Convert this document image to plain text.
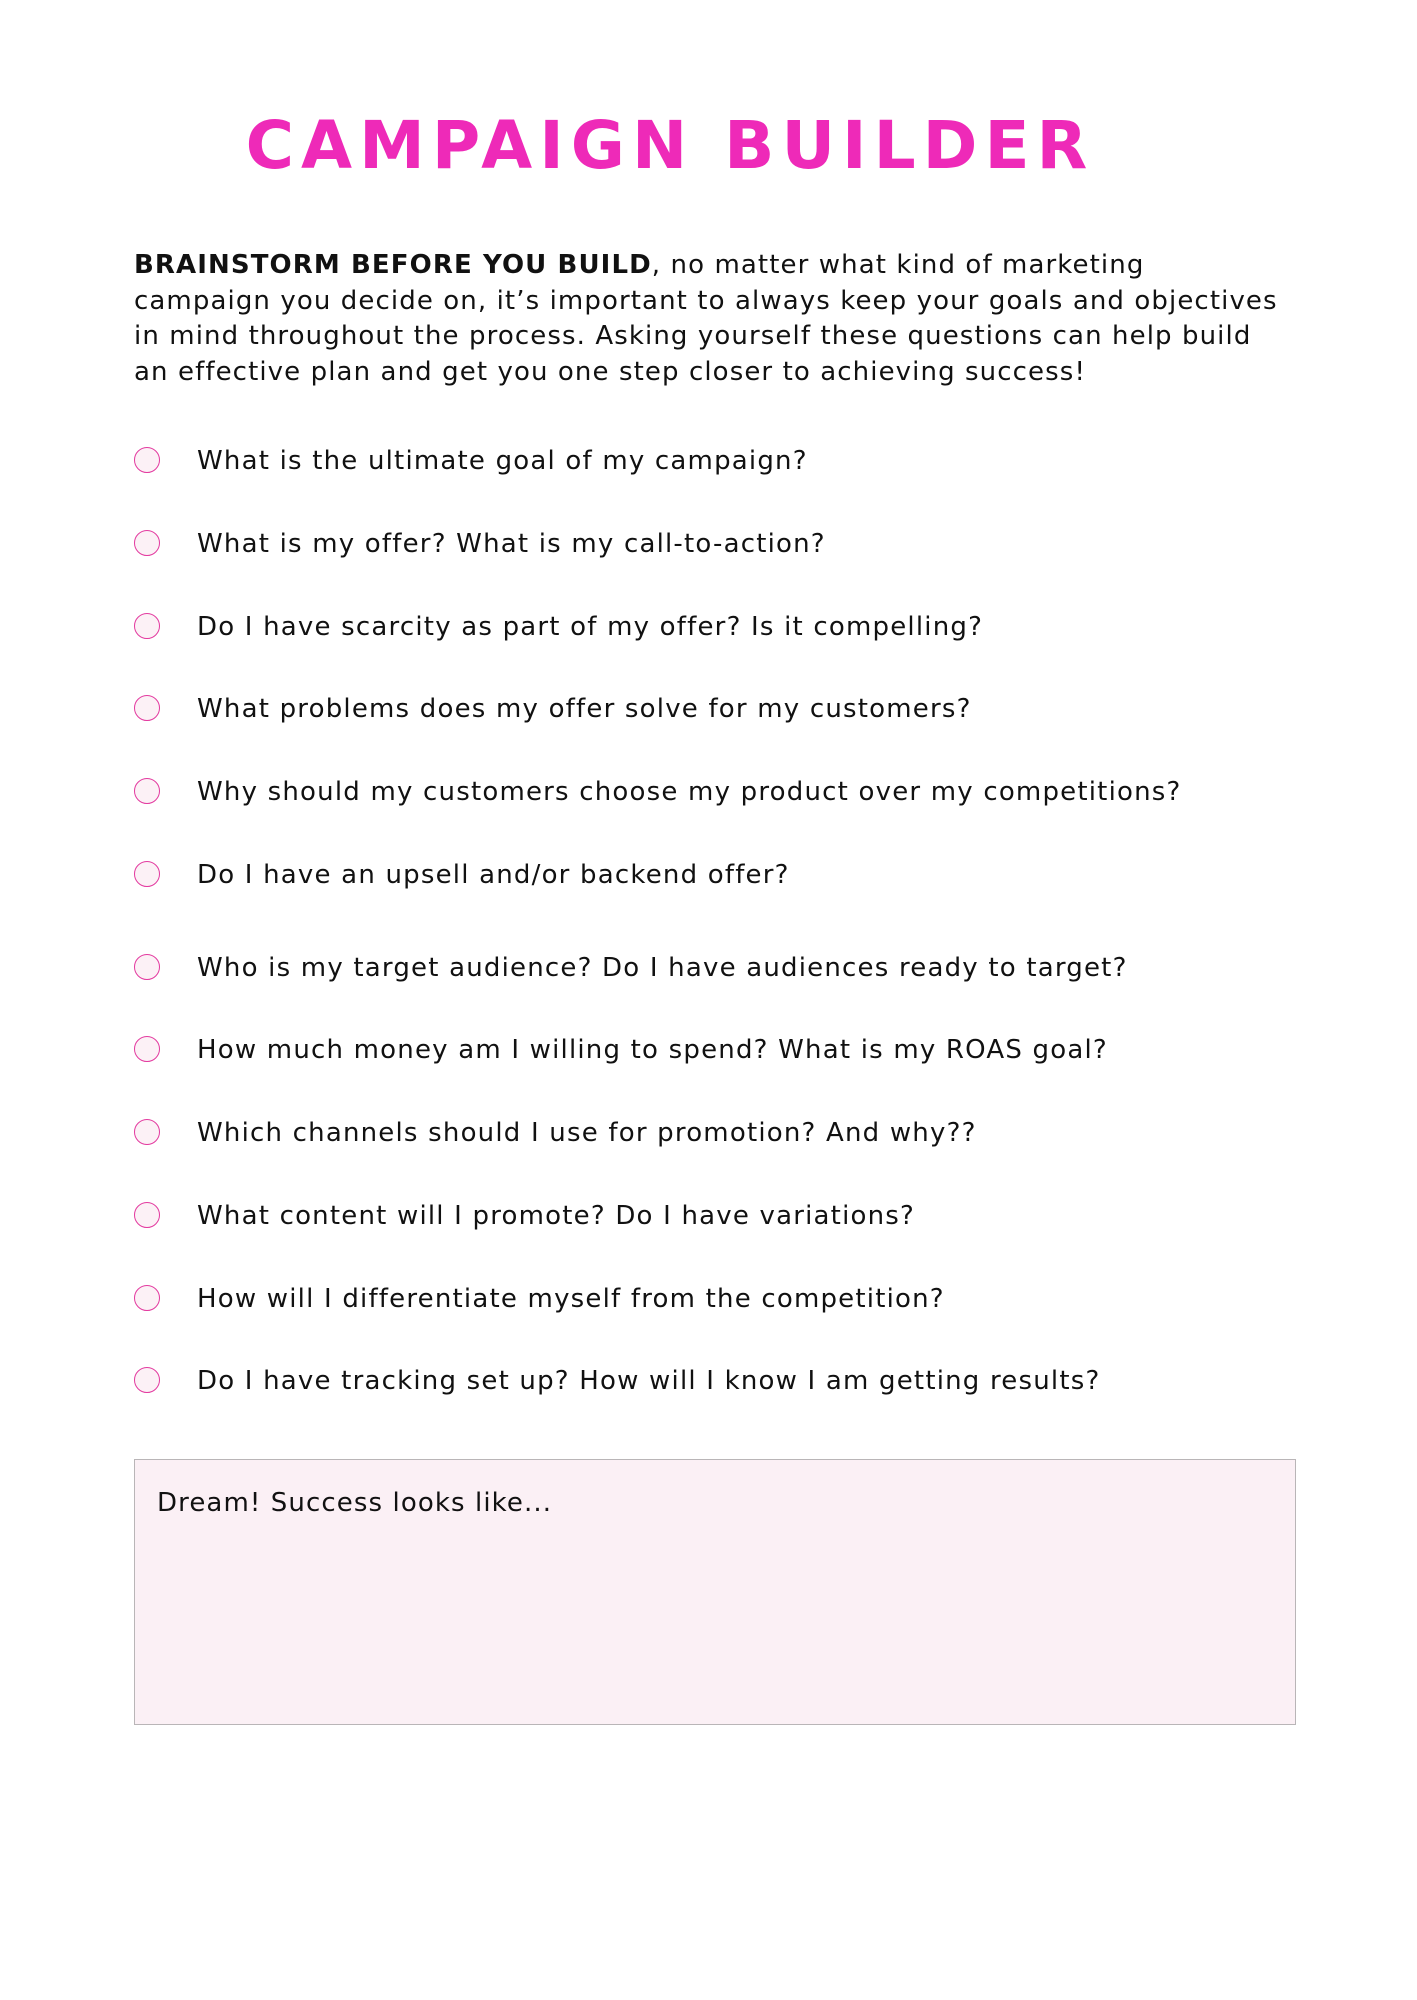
CAMPAIGN BUILDER

BRAINSTORM BEFORE YOU BUILD, no matter what kind of marketing campaign you decide on, it’s important to always keep your goals and objectives in mind throughout the process. Asking yourself these questions can help build an effective plan and get you one step closer to achieving success!

What is the ultimate goal of my campaign?
What is my offer? What is my call-to-action?
Do I have scarcity as part of my offer? Is it compelling?
What problems does my offer solve for my customers?
Why should my customers choose my product over my competitions?
Do I have an upsell and/or backend offer?
Who is my target audience? Do I have audiences ready to target?
How much money am I willing to spend? What is my ROAS goal?
Which channels should I use for promotion? And why??
What content will I promote? Do I have variations?
How will I differentiate myself from the competition?
Do I have tracking set up? How will I know I am getting results?
Dream! Success looks like...
